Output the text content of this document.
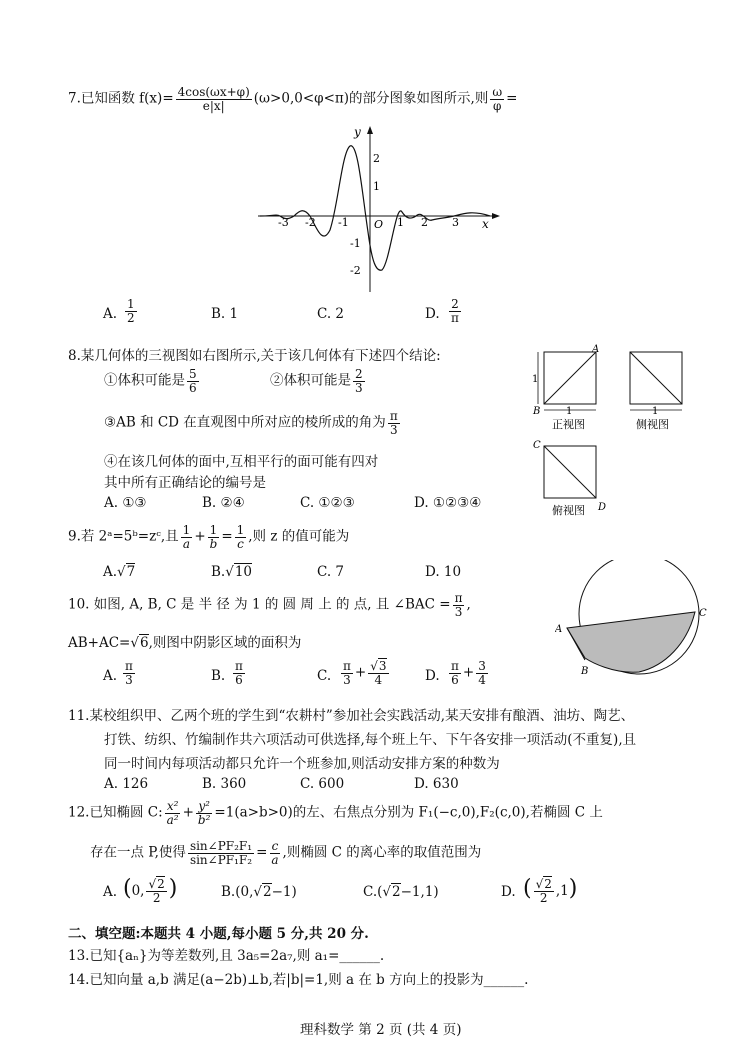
7.已知函数 $f(x)= \frac{4\cos(\omega x+\varphi)}{e|x|} (\omega>0,0<\varphi<\pi)$的部分图象如图所示,则 $\frac{\omega}{\varphi}$ =
y
x
O
-3 -2 -1	1 2 3
2
1
-1
-2
A. $\frac{1}{2}$	B. 1	C. 2	D. $\frac{2}{\pi}$
8.某几何体的三视图如右图所示,关于该几何体有下述四个结论:
①体积可能是 $\frac{5}{6}$	②体积可能是 $\frac{2}{3}$
③AB 和 CD 在直观图中所对应的棱所成的角为 $\frac{\pi}{3}$
④在该几何体的面中,互相平行的面可能有四对
其中所有正确结论的编号是
A. ①③	B. ②④	C. ①②③	D. ①②③④
1
1
A
B
正视图
1
侧视图
C
D
俯视图
9.若 2ᵃ=5ᵇ=zᶜ,且 $\frac{1}{a} + \frac{1}{b} = \frac{1}{c}$ ,则 z 的值可能为
A.√7	B.√10	C. 7	D. 10
10. 如图, A, B, C 是 半 径 为 1 的 圆 周 上 的 点, 且 ∠BAC = $\frac{\pi}{3}$ ,
AB+AC=√6,则图中阴影区域的面积为
A. $\frac{\pi}{3}$	B. $\frac{\pi}{6}$	C. $\frac{\pi}{3} + \frac{√3}{4}$	D. $\frac{\pi}{6} + \frac{3}{4}$
A
B
C
11.某校组织甲、乙两个班的学生到“农耕村”参加社会实践活动,某天安排有酿酒、油坊、陶艺、
打铁、纺织、竹编制作共六项活动可供选择,每个班上午、下午各安排一项活动(不重复),且
同一时间内每项活动都只允许一个班参加,则活动安排方案的种数为
A. 126	B. 360	C. 600	D. 630
12.已知椭圆 C: $\frac{\text{x²}}{\text{a²}} + \frac{\text{y²}}{\text{b²}} =1(a>b>0)$的左、右焦点分别为 F₁(−c,0),F₂(c,0),若椭圆 C 上
存在一点 P,使得 $\frac{\text{sin∠PF₂F₁}}{\text{sin∠PF₁F₂}} = \frac{c}{a}$ ,则椭圆 C 的离心率的取值范围为
A. (0, $\frac{√2}{2}$ )	B.(0,√2−1)	C.(√2−1,1)	D. ( $\frac{√2}{2} ,1$)
二、填空题:本题共 4 小题,每小题 5 分,共 20 分.
13.已知{aₙ}为等差数列,且 3a₅=2a₇,则 a₁=______.
14.已知向量 a,b 满足(a−2b)⊥b,若|b|=1,则 a 在 b 方向上的投影为______.
理科数学 第 2 页 (共 4 页)
